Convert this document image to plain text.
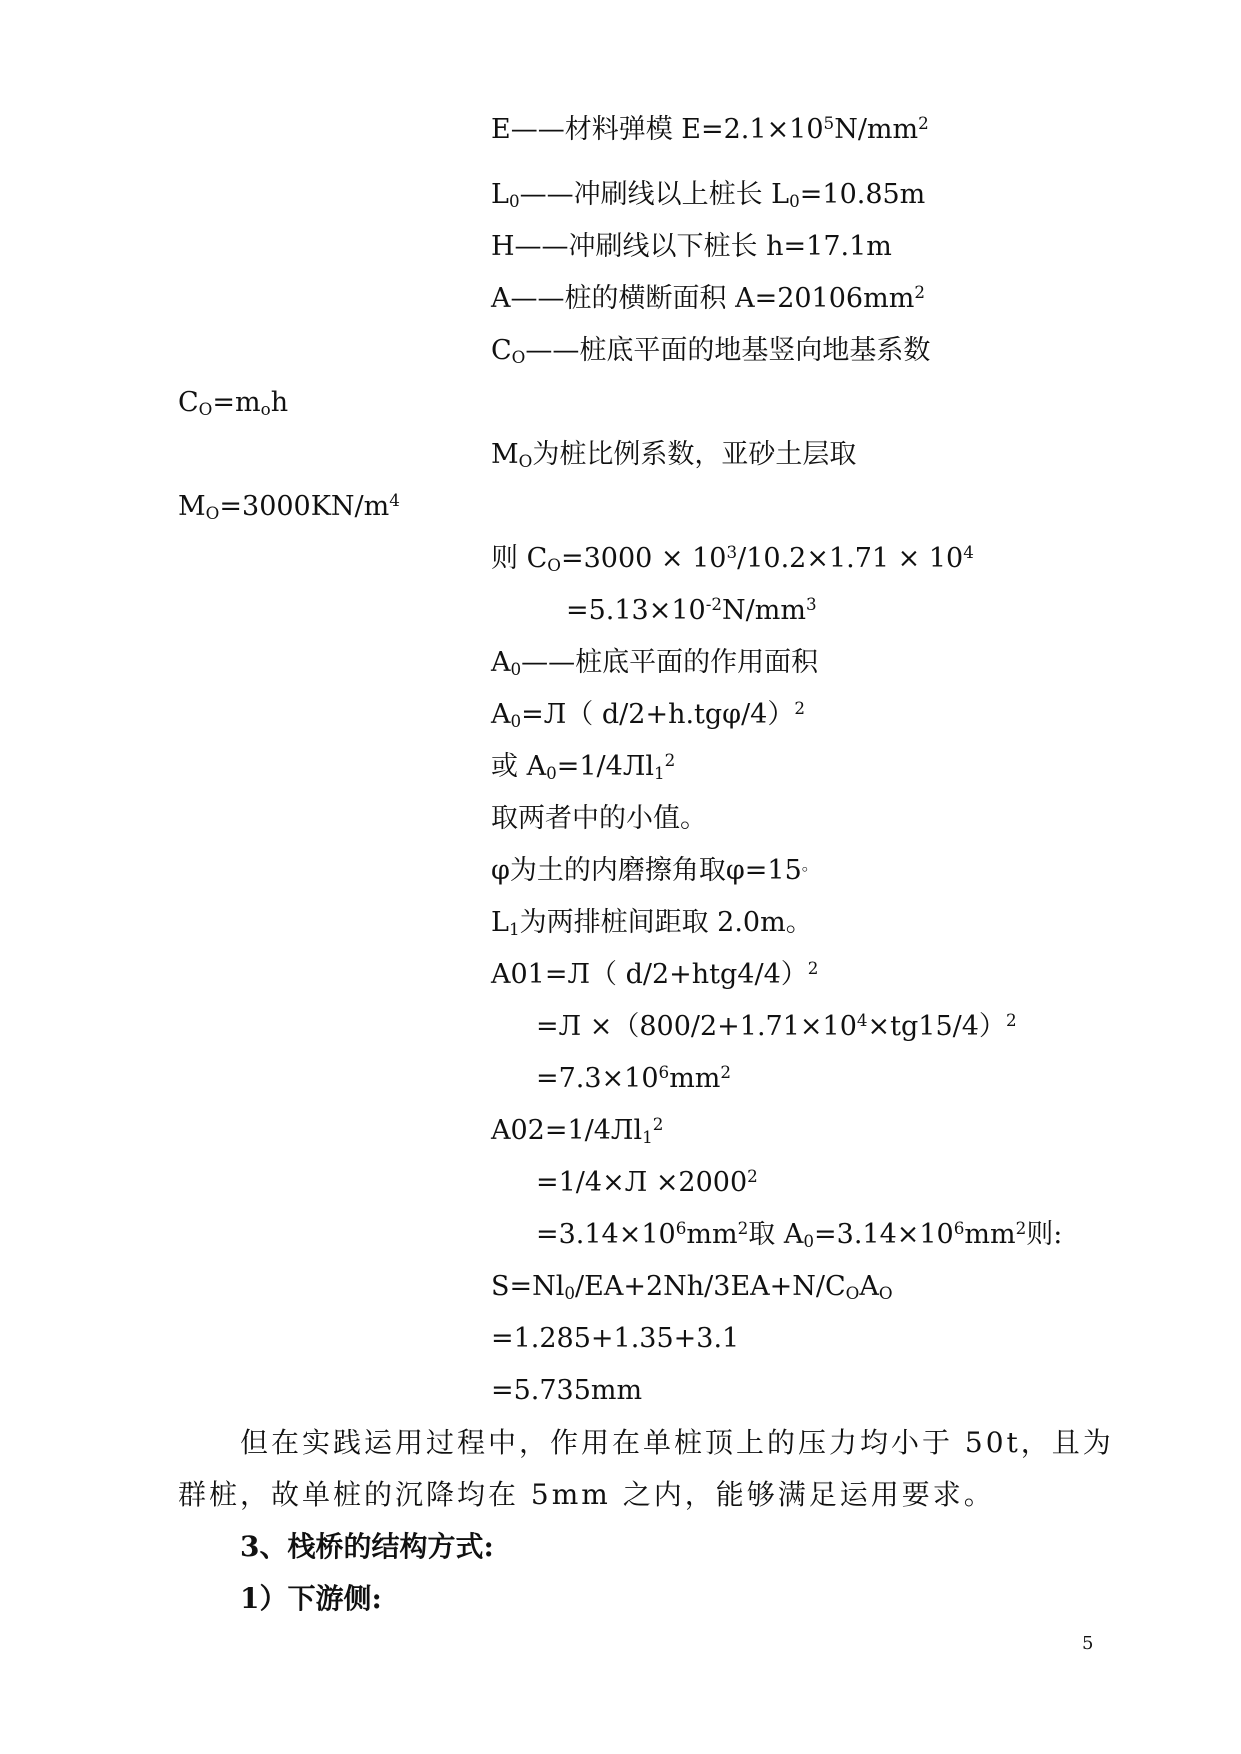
E——材料弹模 $E=2.1\times 10^5N/mm^2$
$L_0——$冲刷线以上桩长 $L_0=10.85m$
H——冲刷线以下桩长 h=17.1m
A——桩的横断面积 $A=20106mm^2$
$C_O——$桩底平面的地基竖向地基系数
$C_O=m_oh$
$M_O$为桩比例系数，亚砂土层取
$M_O=3000KN/m^4$
则 $C_O=3000 \times 10^3/10.2\times 1.71 \times 10^4$
$=5.13\times 10^{-2}N/mm^3$
$A_0——$桩底平面的作用面积
$A_0=Л$（ d/2+h.tgφ/4）$^2$
或 $A_0=1/4Лl_1^2$
取两者中的小值。
φ为土的内磨擦角取φ=15。
$L_1$为两排桩间距取 2.0m。
A01=Л（ d/2+htg4/4）$^2$
$=Л \times(800/2+1.71\times 10^4\times tg15/4)^2$
$=7.3\times 10^6mm^2$
$A02=1/4Лl_1^2$
$=1/4\times Л \times 2000^2$
$=3.14\times 10^6mm^2$取 $A_0=3.14\times 10^6mm^2$则:
$S=Nl_0/EA+2Nh/3EA+N/C_OA_O$
=1.285+1.35+3.1
=5.735mm
但在实践运用过程中，作用在单桩顶上的压力均小于 50t，且为
群桩，故单桩的沉降均在 5mm 之内，能够满足运用要求。
3、栈桥的结构方式:
1）下游侧:
5
